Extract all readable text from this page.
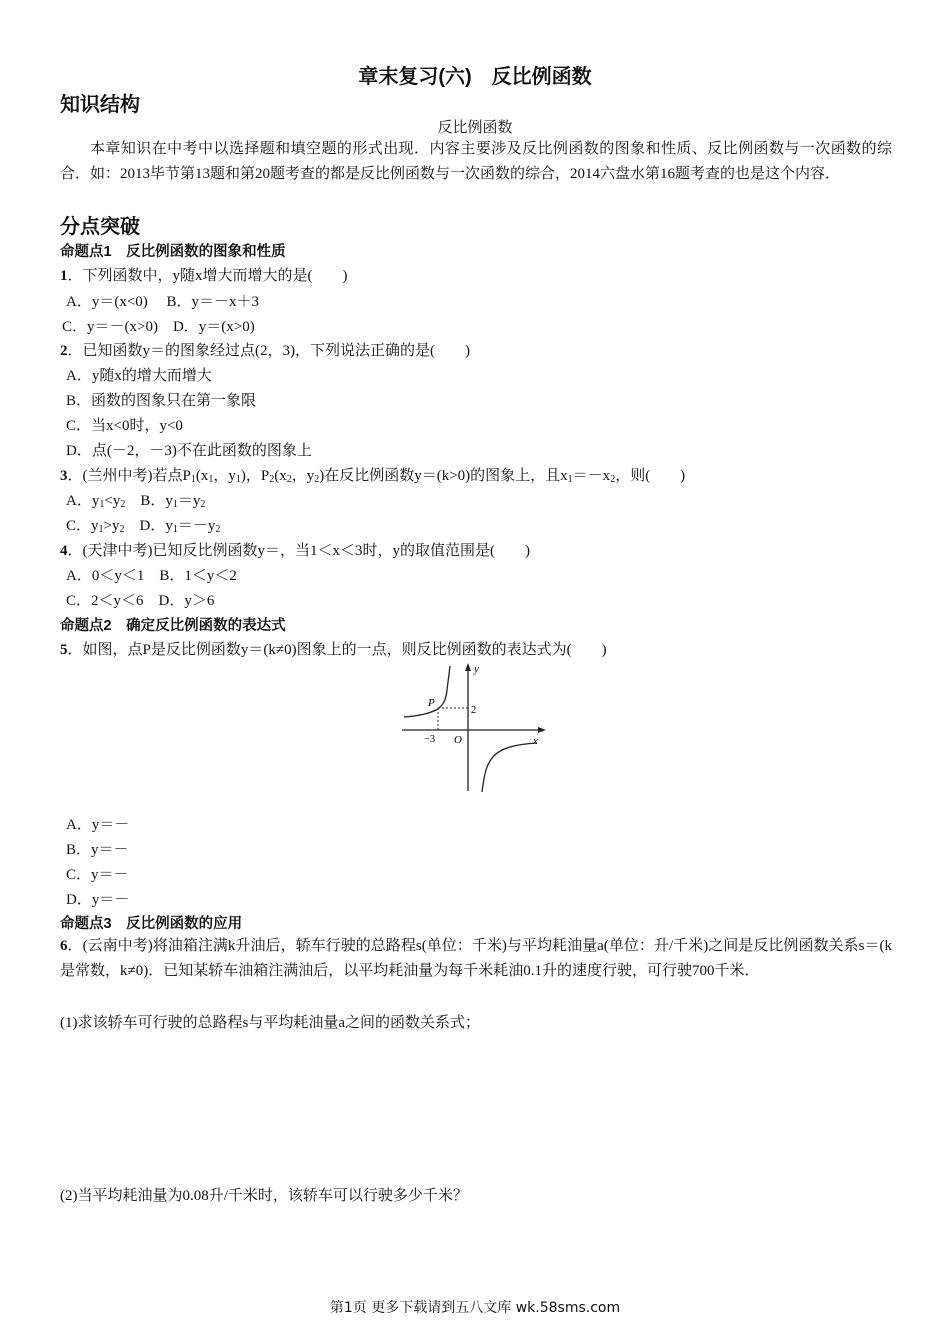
章末复习(六)　反比例函数
知识结构
反比例函数
本章知识在中考中以选择题和填空题的形式出现．内容主要涉及反比例函数的图象和性质、反比例函数与一次函数的综合．如：2013毕节第13题和第20题考查的都是反比例函数与一次函数的综合，2014六盘水第16题考查的也是这个内容．
分点突破
命题点1　反比例函数的图象和性质
1．下列函数中，y随x增大而增大的是(　　)
A．y＝(x<0)　 B．y＝－x＋3
C．y＝－(x>0)　D．y＝(x>0)
2．已知函数y＝的图象经过点(2，3)，下列说法正确的是(　　)
A．y随x的增大而增大
B．函数的图象只在第一象限
C．当x<0时，y<0
D．点(－2，－3)不在此函数的图象上
3．(兰州中考)若点$P_1(x_1$，$y_1$)，$P_2(x_2$，$y_2$)在反比例函数y＝(k>0)的图象上，且$x_1=-x_2$，则(　　)
A．$y_1<y_2$　B．$y_1=y_2$
C．$y_1>y_2$　D．$y_1=-y_2$
4．(天津中考)已知反比例函数y＝，当1＜x＜3时，y的取值范围是(　　)
A．0＜y＜1　B．1＜y＜2
C．2＜y＜6　D．y＞6
命题点2　确定反比例函数的表达式
5．如图，点P是反比例函数y＝(k≠0)图象上的一点，则反比例函数的表达式为(　　)
y
x
P
2
−3 O
A．y＝－
B．y＝－
C．y＝－
D．y＝－
命题点3　反比例函数的应用
6．(云南中考)将油箱注满k升油后，轿车行驶的总路程s(单位：千米)与平均耗油量a(单位：升/千米)之间是反比例函数关系s＝(k是常数，k≠0)．已知某轿车油箱注满油后，以平均耗油量为每千米耗油0.1升的速度行驶，可行驶700千米．
(1)求该轿车可行驶的总路程s与平均耗油量a之间的函数关系式；
(2)当平均耗油量为0.08升/千米时，该轿车可以行驶多少千米？
第1页 更多下载请到五八文库 wk.58sms.com
